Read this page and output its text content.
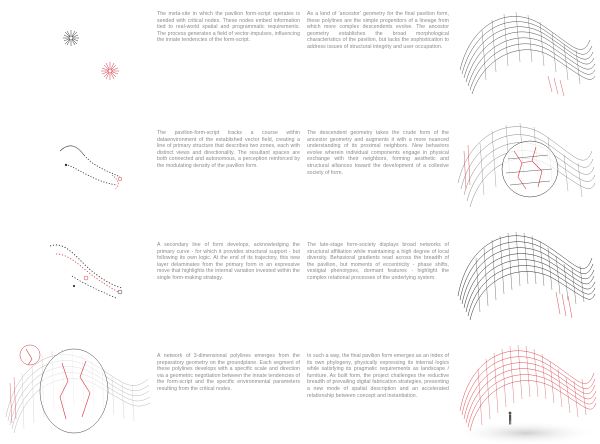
The meta-site in which the pavilion form-script operates is seeded with critical nodes. These nodes embed information tied to real-world spatial and programmatic requirements. The process generates a field of vector-impulses, influencing the innate tendencies of the form-script.
As a kind of 'ancestor' geometry for the final pavilion form, these polylines are the simple progenitors of a lineage from which more complex descendents evolve. The ancestor geometry establishes the broad morphological characteristics of the pavilion, but lacks the sophistication to address issues of structural integrity and user occupation.
The pavilion-form-script tracks a course within dataenvironment of the established vector field, creating a line of primary structure that describes two zones, each with distinct views and directionality. The resultant spaces are both connected and autonomous, a perception reinforced by the modulating density of the pavilion form.
The descendent geometry takes the crude form of the ancestor geometry and augments it with a more nuanced understanding of its proximal neighbors. New behaviors evolve wherein individual components engage in physical exchange with their neighbors, forming aesthetic and structural alliances toward the development of a collesive society of form.
A secondary line of form develops, acknowledging the primary curve - for which it provides structural support - but following its own logic. At the end of its trajectory, this new layer delaminates from the primary form in an expressive move that highlights the internal variation invested within the single form-making strategy.
The late-stage form-society displays broad networks of structural affiliation while maintaining a high degree of local diversity. Behavioral gradients read across the breadth of the pavilion, but moments of eccentricity - phase shifts, vestigial phenotypes, dormant features - highlight the complex relational processes of the underlying system.
A network of 3-dimensional polylines emerges from the preparatory geometry on the groundplane. Each segment of these polylines develops with a specific scale and direction via a geometric negotiation between the innate tendencies of the form-script and the specific environmental parameters resulting from the critical nodes.
In such a way, the final pavilion form emerges as an index of its own phylogeny, physically expressing its internal logics while satisfying its pragmatic requirements as landscape / furniture. As built form, the project challenges the reductive breadth of prevailing digital fabrication strategies, presenting a new mode of spatial description and an accelerated relationship between concept and instantiation.
